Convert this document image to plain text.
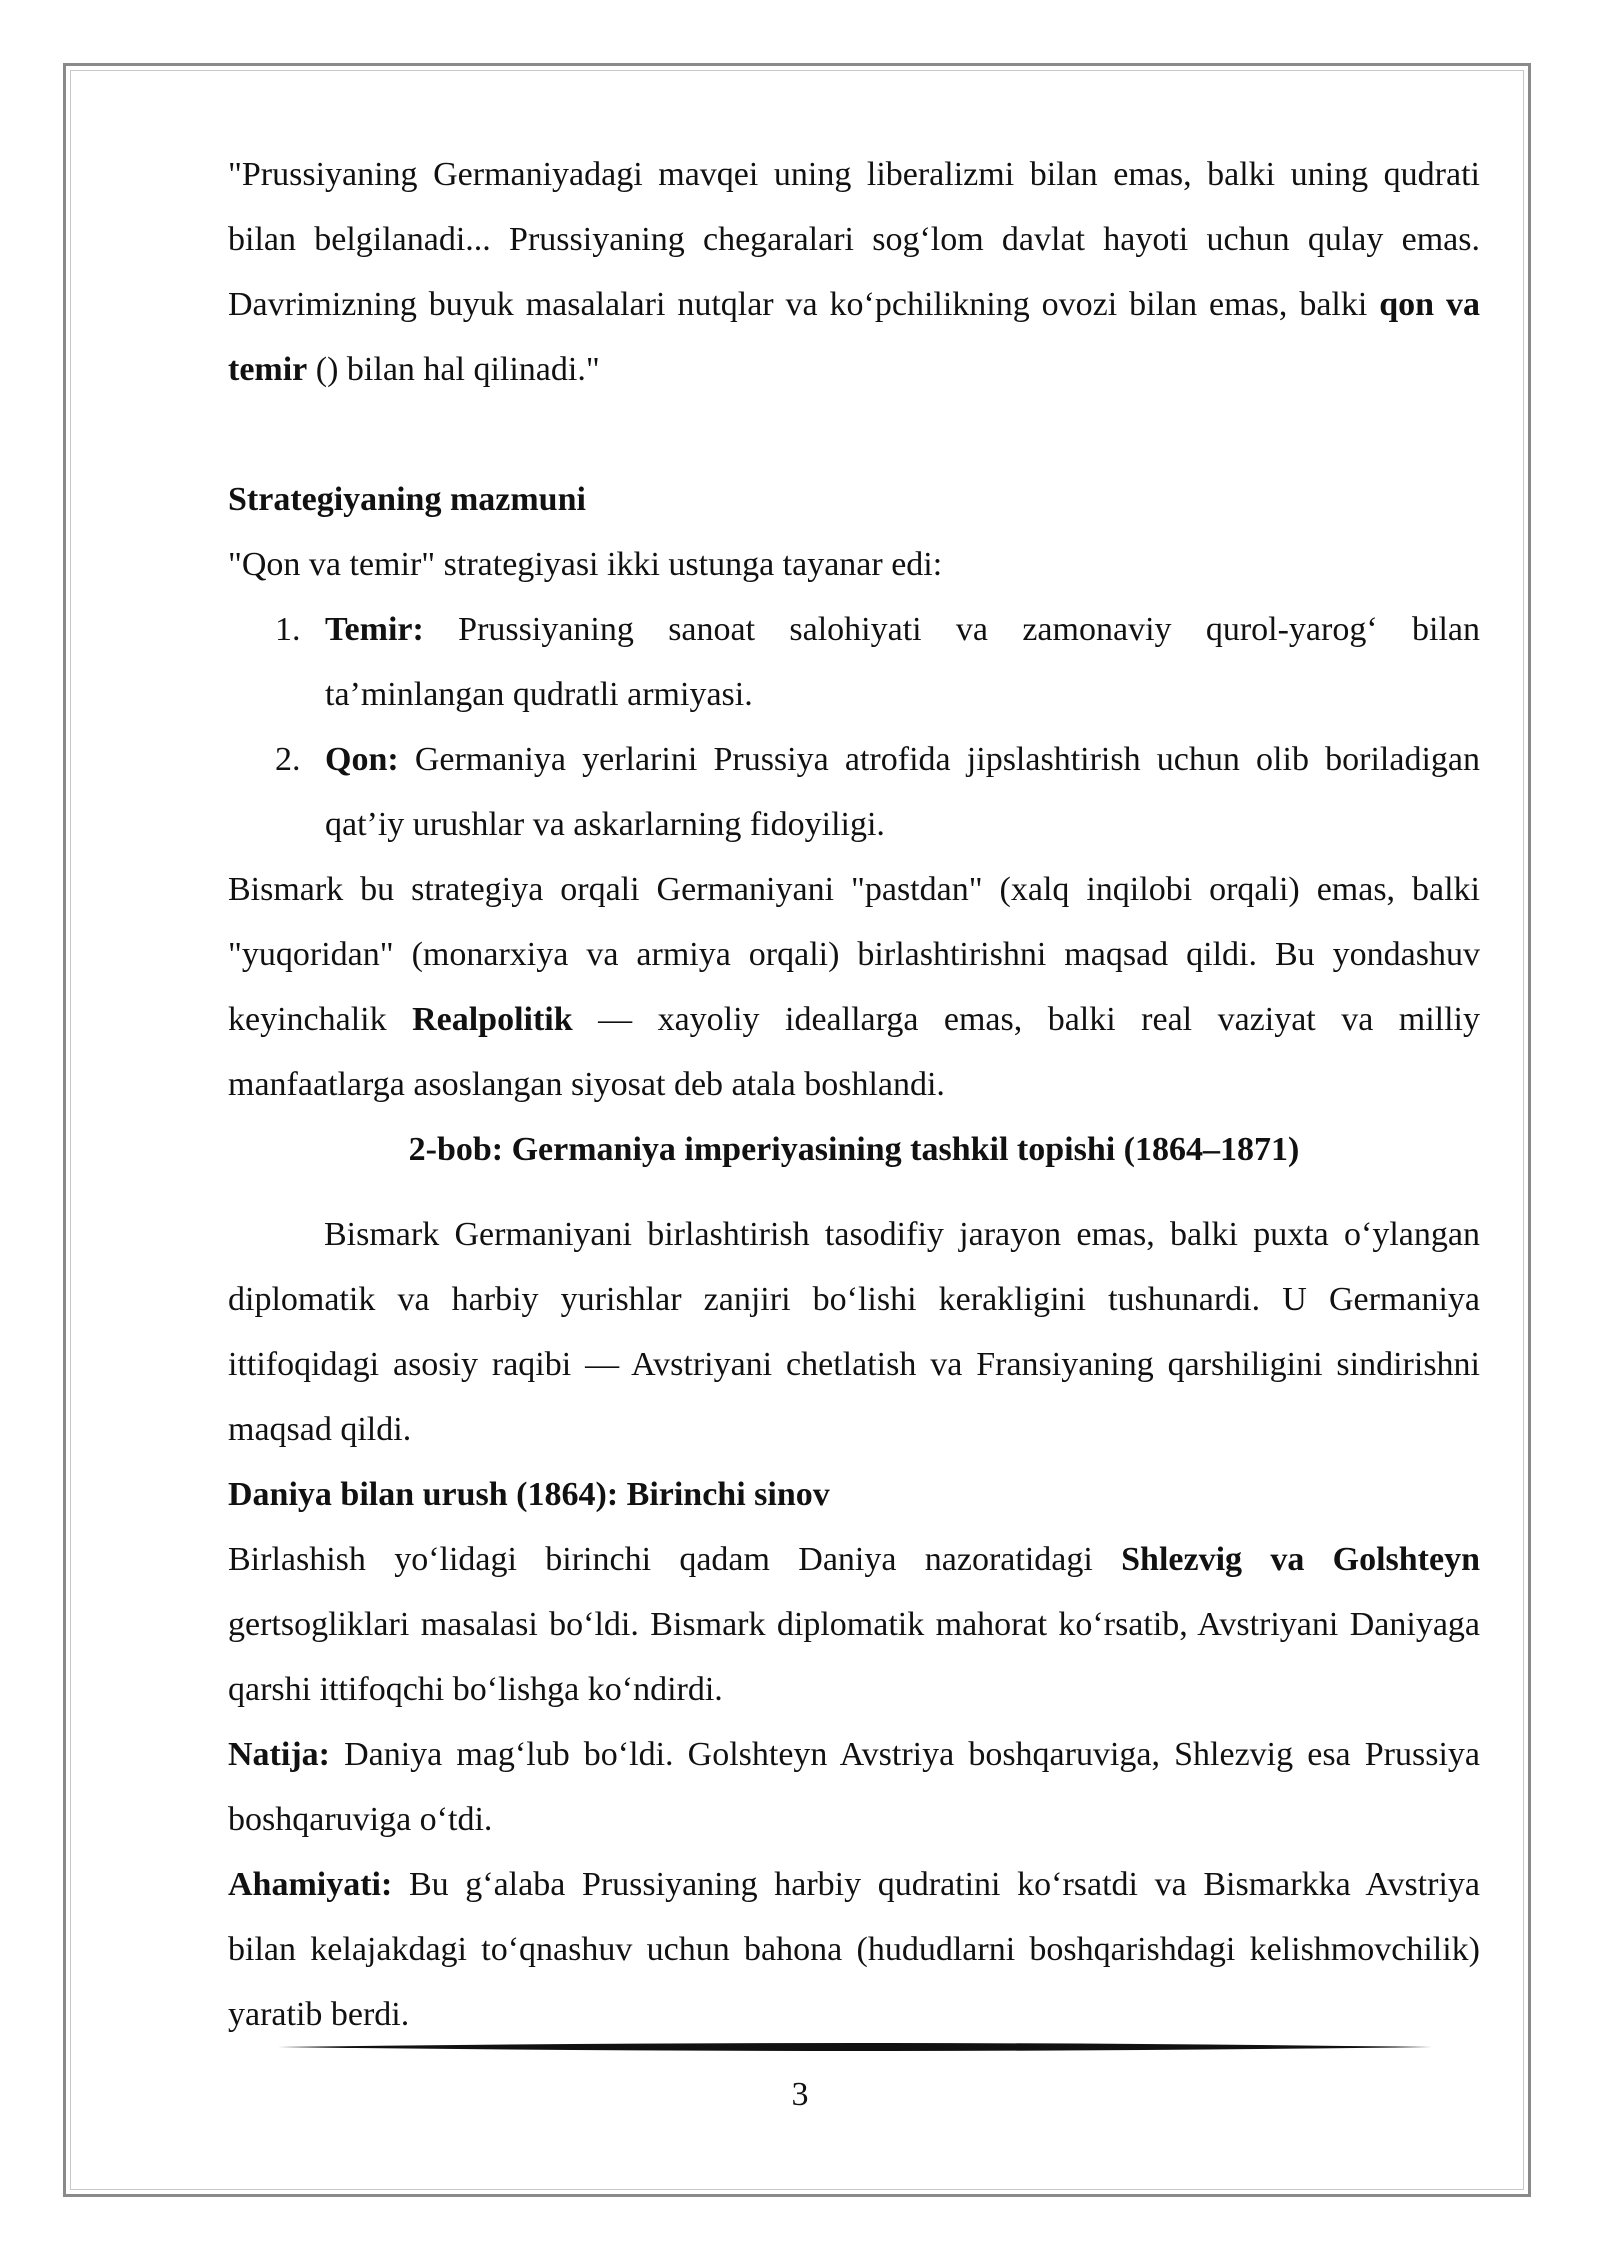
"Prussiyaning Germaniyadagi mavqei uning liberalizmi bilan emas, balki uning qudrati bilan belgilanadi... Prussiyaning chegaralari sog‘lom davlat hayoti uchun qulay emas. Davrimizning buyuk masalalari nutqlar va ko‘pchilikning ovozi bilan emas, balki qon va temir () bilan hal qilinadi."

Strategiyaning mazmuni

"Qon va temir" strategiyasi ikki ustunga tayanar edi:

1. Temir: Prussiyaning sanoat salohiyati va zamonaviy qurol-yarog‘ bilan ta’minlangan qudratli armiyasi.
2. Qon: Germaniya yerlarini Prussiya atrofida jipslashtirish uchun olib boriladigan qat’iy urushlar va askarlarning fidoyiligi.

Bismark bu strategiya orqali Germaniyani "pastdan" (xalq inqilobi orqali) emas, balki "yuqoridan" (monarxiya va armiya orqali) birlashtirishni maqsad qildi. Bu yondashuv keyinchalik Realpolitik — xayoliy ideallarga emas, balki real vaziyat va milliy manfaatlarga asoslangan siyosat deb atala boshlandi.

2-bob: Germaniya imperiyasining tashkil topishi (1864–1871)

Bismark Germaniyani birlashtirish tasodifiy jarayon emas, balki puxta o‘ylangan diplomatik va harbiy yurishlar zanjiri bo‘lishi kerakligini tushunardi. U Germaniya ittifoqidagi asosiy raqibi — Avstriyani chetlatish va Fransiyaning qarshiligini sindirishni maqsad qildi.

Daniya bilan urush (1864): Birinchi sinov

Birlashish yo‘lidagi birinchi qadam Daniya nazoratidagi Shlezvig va Golshteyn gertsogliklari masalasi bo‘ldi. Bismark diplomatik mahorat ko‘rsatib, Avstriyani Daniyaga qarshi ittifoqchi bo‘lishga ko‘ndirdi.

Natija: Daniya mag‘lub bo‘ldi. Golshteyn Avstriya boshqaruviga, Shlezvig esa Prussiya boshqaruviga o‘tdi.

Ahamiyati: Bu g‘alaba Prussiyaning harbiy qudratini ko‘rsatdi va Bismarkka Avstriya bilan kelajakdagi to‘qnashuv uchun bahona (hududlarni boshqarishdagi kelishmovchilik) yaratib berdi.

3
